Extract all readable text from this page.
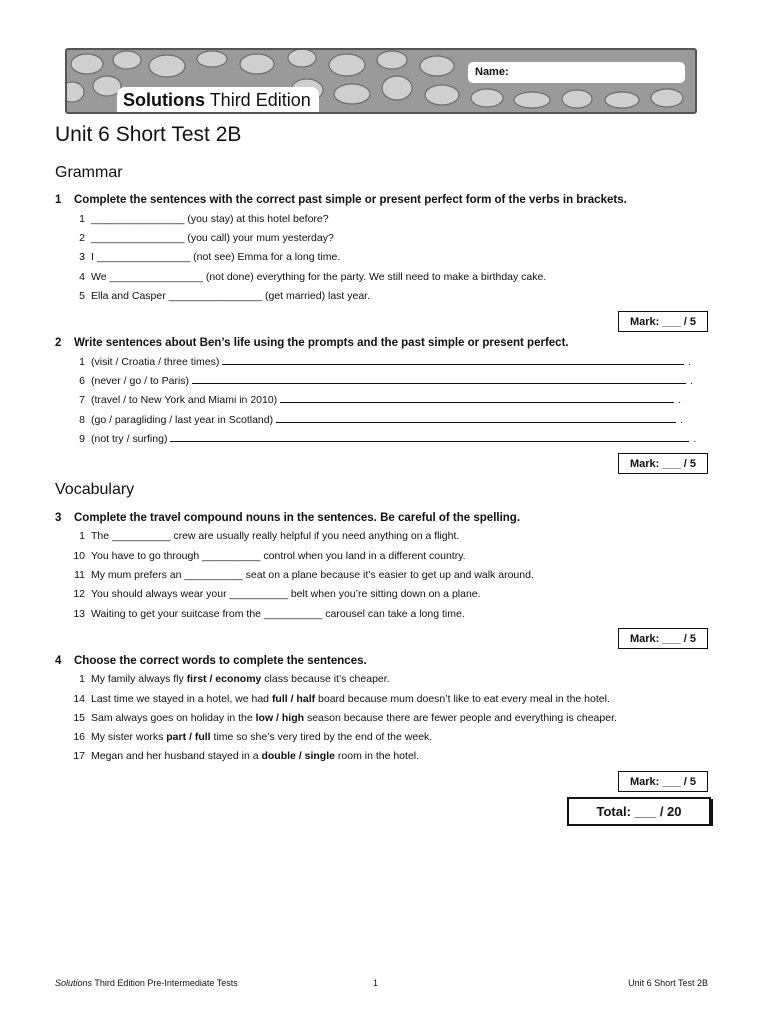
Solutions Third Edition
Name:
Unit 6 Short Test 2B
Grammar
1 Complete the sentences with the correct past simple or present perfect form of the verbs in brackets.
1 ________________ (you stay) at this hotel before?
2 ________________ (you call) your mum yesterday?
3 I ________________ (not see) Emma for a long time.
4 We ________________ (not done) everything for the party. We still need to make a birthday cake.
5 Ella and Casper ________________ (get married) last year.
Mark: ___ / 5
2 Write sentences about Ben’s life using the prompts and the past simple or present perfect.
1 (visit / Croatia / three times)	.
6 (never / go / to Paris)	.
7 (travel / to New York and Miami in 2010)	.
8 (go / paragliding / last year in Scotland)	.
9 (not try / surfing)	.
Mark: ___ / 5
Vocabulary
3 Complete the travel compound nouns in the sentences. Be careful of the spelling.
1 The __________ crew are usually really helpful if you need anything on a flight.
10 You have to go through __________ control when you land in a different country.
11 My mum prefers an __________ seat on a plane because it’s easier to get up and walk around.
12 You should always wear your __________ belt when you’re sitting down on a plane.
13 Waiting to get your suitcase from the __________ carousel can take a long time.
Mark: ___ / 5
4 Choose the correct words to complete the sentences.
1 My family always fly first / economy class because it’s cheaper.
14 Last time we stayed in a hotel, we had full / half board because mum doesn’t like to eat every meal in the hotel.
15 Sam always goes on holiday in the low / high season because there are fewer people and everything is cheaper.
16 My sister works part / full time so she’s very tired by the end of the week.
17 Megan and her husband stayed in a double / single room in the hotel.
Mark: ___ / 5
Total: ___ / 20
Solutions Third Edition Pre-Intermediate Tests	1	Unit 6 Short Test 2B
